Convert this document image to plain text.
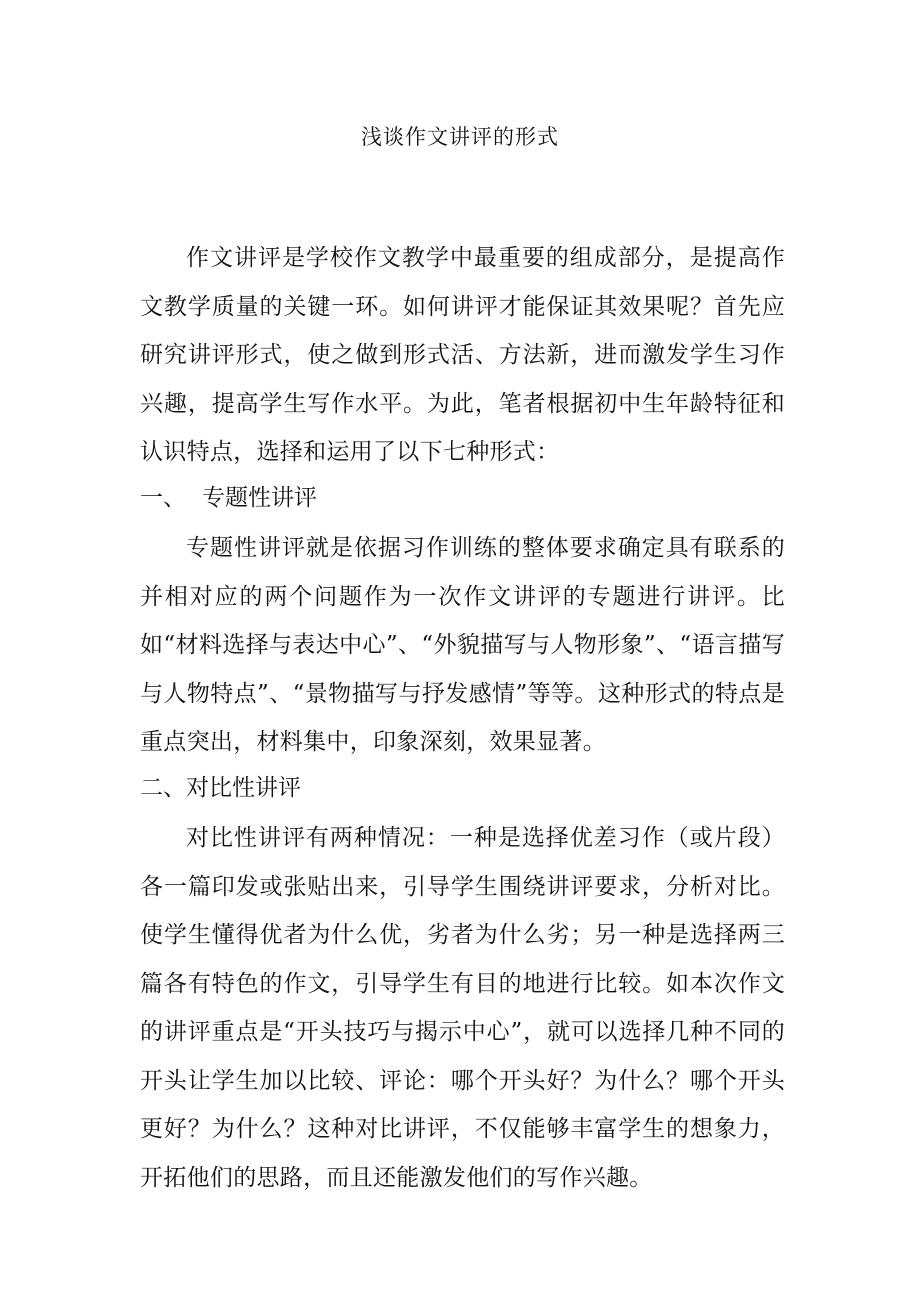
浅谈作文讲评的形式

作文讲评是学校作文教学中最重要的组成部分，是提高作文教学质量的关键一环。如何讲评才能保证其效果呢？首先应研究讲评形式，使之做到形式活、方法新，进而激发学生习作兴趣，提高学生写作水平。为此，笔者根据初中生年龄特征和认识特点，选择和运用了以下七种形式：

一、 专题性讲评

专题性讲评就是依据习作训练的整体要求确定具有联系的并相对应的两个问题作为一次作文讲评的专题进行讲评。比如“材料选择与表达中心”、“外貌描写与人物形象”、“语言描写与人物特点”、“景物描写与抒发感情”等等。这种形式的特点是重点突出，材料集中，印象深刻，效果显著。

二、对比性讲评

对比性讲评有两种情况：一种是选择优差习作（或片段）各一篇印发或张贴出来，引导学生围绕讲评要求，分析对比。使学生懂得优者为什么优，劣者为什么劣；另一种是选择两三篇各有特色的作文，引导学生有目的地进行比较。如本次作文的讲评重点是“开头技巧与揭示中心”，就可以选择几种不同的开头让学生加以比较、评论：哪个开头好？为什么？哪个开头更好？为什么？这种对比讲评，不仅能够丰富学生的想象力，开拓他们的思路，而且还能激发他们的写作兴趣。
